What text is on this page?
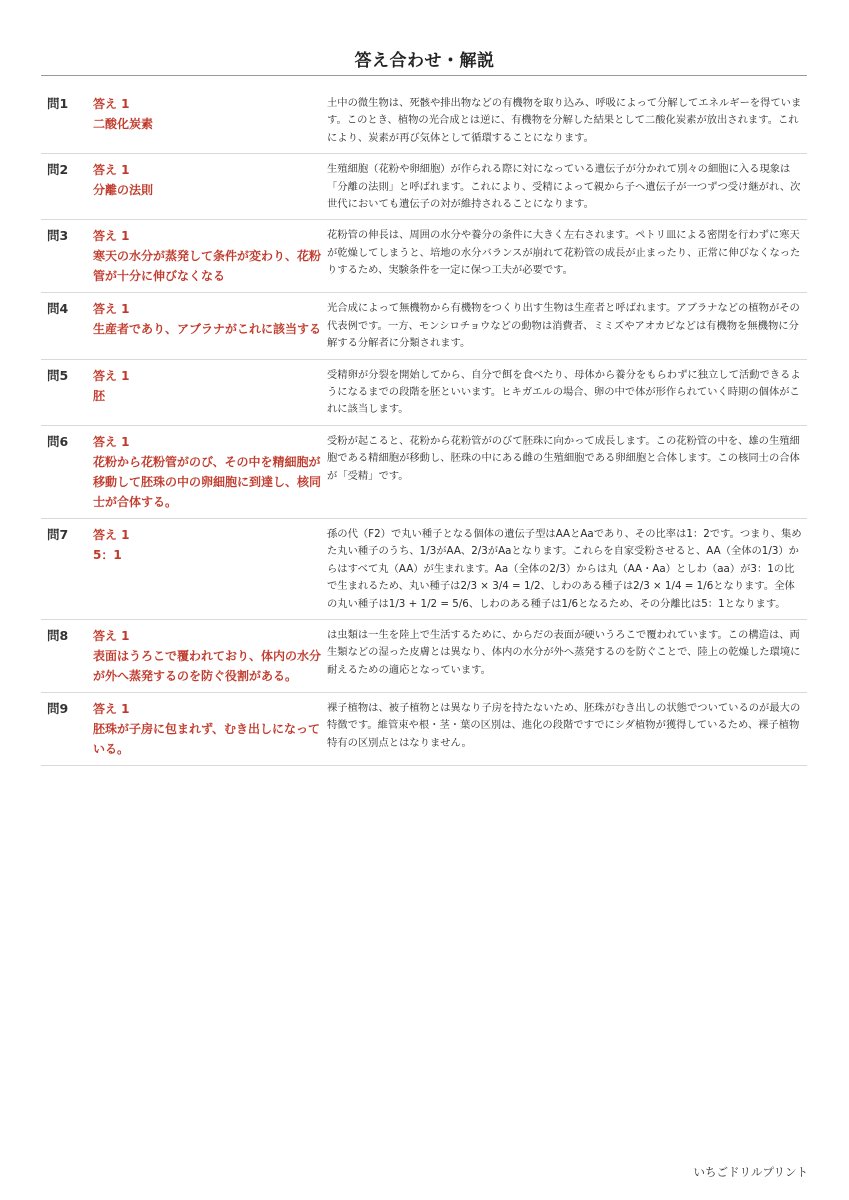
答え合わせ・解説
問1	答え 1
二酸化炭素
土中の微生物は、死骸や排出物などの有機物を取り込み、呼吸によって分解してエネルギーを得ています。このとき、植物の光合成とは逆に、有機物を分解した結果として二酸化炭素が放出されます。これにより、炭素が再び気体として循環することになります。
問2	答え 1
分離の法則
生殖細胞（花粉や卵細胞）が作られる際に対になっている遺伝子が分かれて別々の細胞に入る現象は「分離の法則」と呼ばれます。これにより、受精によって親から子へ遺伝子が一つずつ受け継がれ、次世代においても遺伝子の対が維持されることになります。
問3	答え 1
寒天の水分が蒸発して条件が変わり、花粉管が十分に伸びなくなる
花粉管の伸長は、周囲の水分や養分の条件に大きく左右されます。ペトリ皿による密閉を行わずに寒天が乾燥してしまうと、培地の水分バランスが崩れて花粉管の成長が止まったり、正常に伸びなくなったりするため、実験条件を一定に保つ工夫が必要です。
問4	答え 1
生産者であり、アブラナがこれに該当する
光合成によって無機物から有機物をつくり出す生物は生産者と呼ばれます。アブラナなどの植物がその代表例です。一方、モンシロチョウなどの動物は消費者、ミミズやアオカビなどは有機物を無機物に分解する分解者に分類されます。
問5	答え 1
胚
受精卵が分裂を開始してから、自分で餌を食べたり、母体から養分をもらわずに独立して活動できるようになるまでの段階を胚といいます。ヒキガエルの場合、卵の中で体が形作られていく時期の個体がこれに該当します。
問6	答え 1
花粉から花粉管がのび、その中を精細胞が移動して胚珠の中の卵細胞に到達し、核同士が合体する。
受粉が起こると、花粉から花粉管がのびて胚珠に向かって成長します。この花粉管の中を、雄の生殖細胞である精細胞が移動し、胚珠の中にある雌の生殖細胞である卵細胞と合体します。この核同士の合体が「受精」です。
問7	答え 1
5：1
孫の代（F2）で丸い種子となる個体の遺伝子型はAAとAaであり、その比率は1：2です。つまり、集めた丸い種子のうち、1/3がAA、2/3がAaとなります。これらを自家受粉させると、AA（全体の1/3）からはすべて丸（AA）が生まれます。Aa（全体の2/3）からは丸（AA・Aa）としわ（aa）が3：1の比で生まれるため、丸い種子は2/3 × 3/4 = 1/2、しわのある種子は2/3 × 1/4 = 1/6となります。全体の丸い種子は1/3 + 1/2 = 5/6、しわのある種子は1/6となるため、その分離比は5：1となります。
問8	答え 1
表面はうろこで覆われており、体内の水分が外へ蒸発するのを防ぐ役割がある。
は虫類は一生を陸上で生活するために、からだの表面が硬いうろこで覆われています。この構造は、両生類などの湿った皮膚とは異なり、体内の水分が外へ蒸発するのを防ぐことで、陸上の乾燥した環境に耐えるための適応となっています。
問9	答え 1
胚珠が子房に包まれず、むき出しになっている。
裸子植物は、被子植物とは異なり子房を持たないため、胚珠がむき出しの状態でついているのが最大の特徴です。維管束や根・茎・葉の区別は、進化の段階ですでにシダ植物が獲得しているため、裸子植物特有の区別点とはなりません。
いちごドリルプリント
